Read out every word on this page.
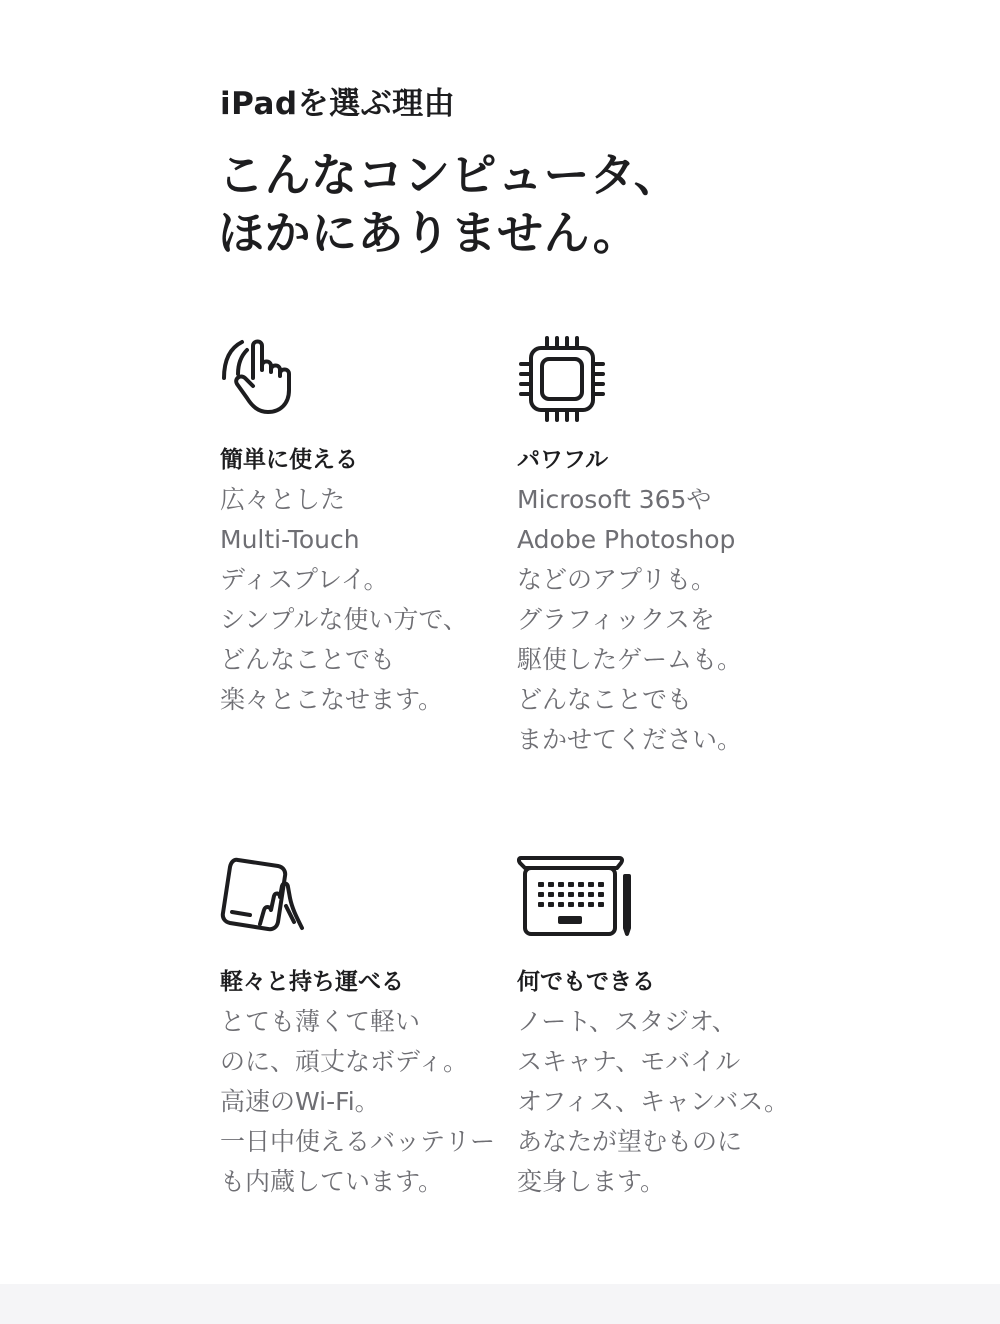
iPadを選ぶ理由
こんなコンピュータ、
ほかにありません。
簡単に使える

広々とした
Multi-Touch
ディスプレイ。
シンプルな使い方で、
どんなことでも
楽々とこなせます。

パワフル

Microsoft 365や
Adobe Photoshop
などのアプリも。
グラフィックスを
駆使したゲームも。
どんなことでも
まかせてください。

軽々と持ち運べる

とても薄くて軽い
のに、頑丈なボディ。
高速のWi-Fi。
一日中使えるバッテリー
も内蔵しています。

何でもできる

ノート、スタジオ、
スキャナ、モバイル
オフィス、キャンバス。
あなたが望むものに
変身します。
